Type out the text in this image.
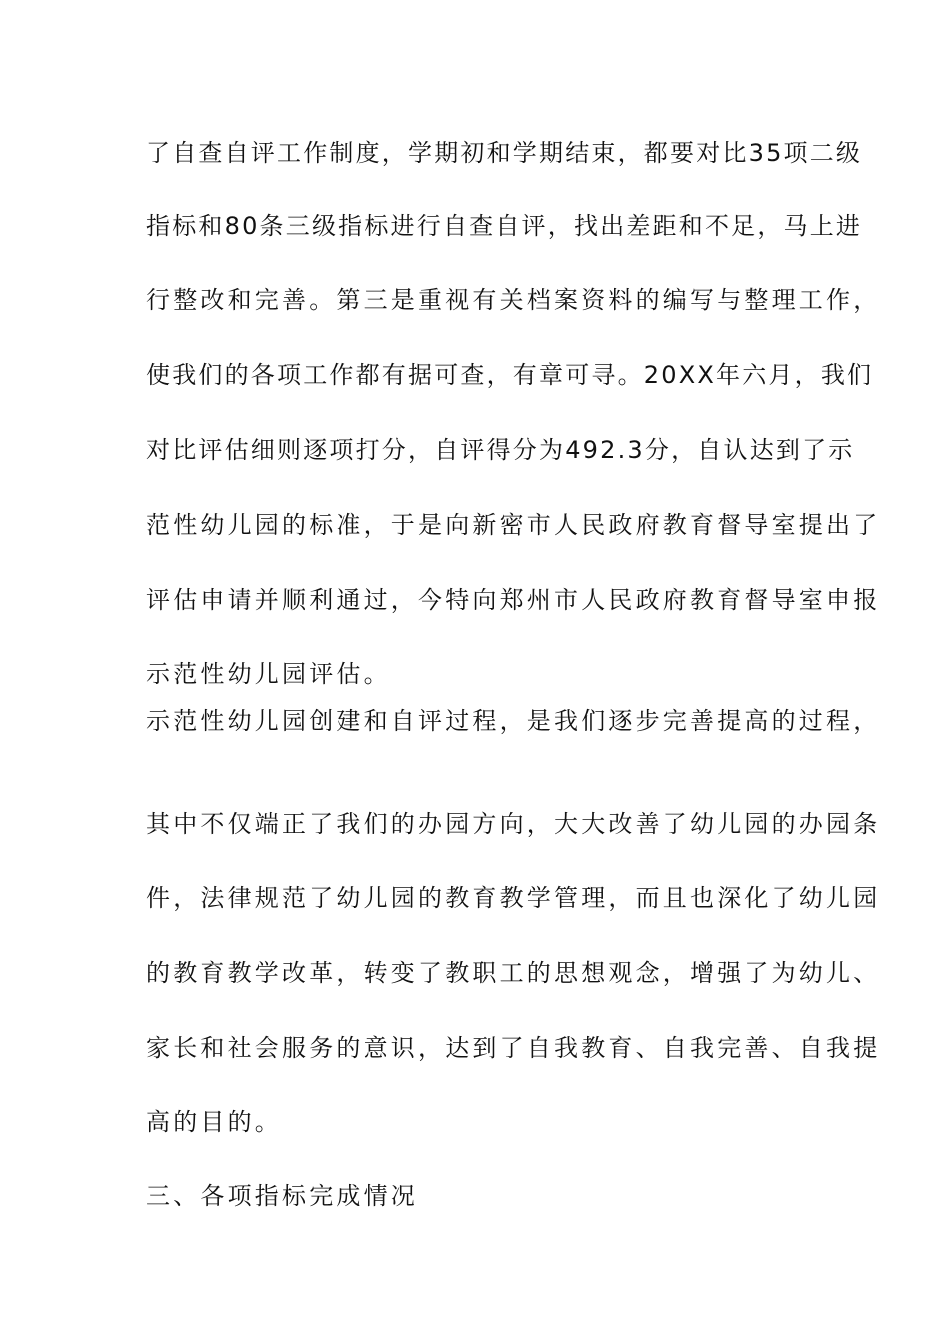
了自查自评工作制度，学期初和学期结束，都要对比35项二级
指标和80条三级指标进行自查自评，找出差距和不足，马上进
行整改和完善。第三是重视有关档案资料的编写与整理工作，
使我们的各项工作都有据可查，有章可寻。20XX年六月，我们
对比评估细则逐项打分，自评得分为492.3分，自认达到了示
范性幼儿园的标准，于是向新密市人民政府教育督导室提出了
评估申请并顺利通过，今特向郑州市人民政府教育督导室申报
示范性幼儿园评估。
示范性幼儿园创建和自评过程，是我们逐步完善提高的过程，
其中不仅端正了我们的办园方向，大大改善了幼儿园的办园条
件，法律规范了幼儿园的教育教学管理，而且也深化了幼儿园
的教育教学改革，转变了教职工的思想观念，增强了为幼儿、
家长和社会服务的意识，达到了自我教育、自我完善、自我提
高的目的。
三、各项指标完成情况
